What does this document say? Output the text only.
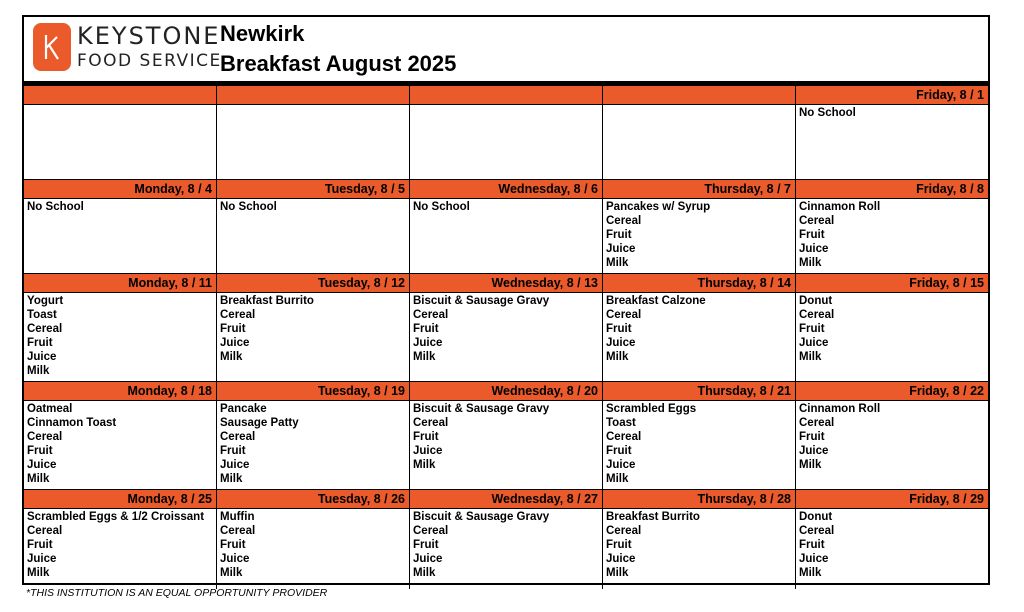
KEYSTONE
FOOD SERVICE
Newkirk
Breakfast August 2025
Friday, 8 / 1
No School
Monday, 8 / 4
No School
Tuesday, 8 / 5
No School
Wednesday, 8 / 6
No School
Thursday, 8 / 7
Pancakes w/ Syrup
Cereal
Fruit
Juice
Milk
Friday, 8 / 8
Cinnamon Roll
Cereal
Fruit
Juice
Milk
Monday, 8 / 11
Yogurt
Toast
Cereal
Fruit
Juice
Milk
Tuesday, 8 / 12
Breakfast Burrito
Cereal
Fruit
Juice
Milk
Wednesday, 8 / 13
Biscuit & Sausage Gravy
Cereal
Fruit
Juice
Milk
Thursday, 8 / 14
Breakfast Calzone
Cereal
Fruit
Juice
Milk
Friday, 8 / 15
Donut
Cereal
Fruit
Juice
Milk
Monday, 8 / 18
Oatmeal
Cinnamon Toast
Cereal
Fruit
Juice
Milk
Tuesday, 8 / 19
Pancake
Sausage Patty
Cereal
Fruit
Juice
Milk
Wednesday, 8 / 20
Biscuit & Sausage Gravy
Cereal
Fruit
Juice
Milk
Thursday, 8 / 21
Scrambled Eggs
Toast
Cereal
Fruit
Juice
Milk
Friday, 8 / 22
Cinnamon Roll
Cereal
Fruit
Juice
Milk
Monday, 8 / 25
Scrambled Eggs & 1/2 Croissant
Cereal
Fruit
Juice
Milk
Tuesday, 8 / 26
Muffin
Cereal
Fruit
Juice
Milk
Wednesday, 8 / 27
Biscuit & Sausage Gravy
Cereal
Fruit
Juice
Milk
Thursday, 8 / 28
Breakfast Burrito
Cereal
Fruit
Juice
Milk
Friday, 8 / 29
Donut
Cereal
Fruit
Juice
Milk
*THIS INSTITUTION IS AN EQUAL OPPORTUNITY PROVIDER
